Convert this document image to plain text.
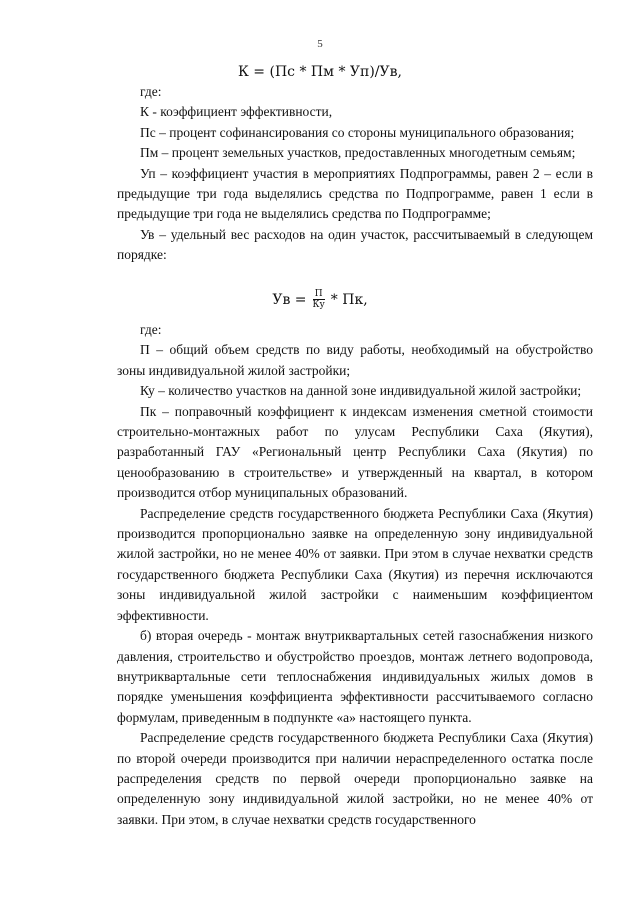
5
К = (Пс * Пм * Уп)/Ув,

где:

К - коэффициент эффективности,

Пс – процент софинансирования со стороны муниципального образования;

Пм – процент земельных участков, предоставленных многодетным семьям;

Уп – коэффициент участия в мероприятиях Подпрограммы, равен 2 – если в предыдущие три года выделялись средства по Подпрограмме, равен 1 если в предыдущие три года не выделялись средства по Подпрограмме;

Ув – удельный вес расходов на один участок, рассчитываемый в следующем порядке:

Ув = $\frac{П}{Ку}$ * Пк,

где:

П – общий объем средств по виду работы, необходимый на обустройство зоны индивидуальной жилой застройки;

Ку – количество участков на данной зоне индивидуальной жилой застройки;

Пк – поправочный коэффициент к индексам изменения сметной стоимости строительно-монтажных работ по улусам Республики Саха (Якутия), разработанный ГАУ «Региональный центр Республики Саха (Якутия) по ценообразованию в строительстве» и утвержденный на квартал, в котором производится отбор муниципальных образований.

Распределение средств государственного бюджета Республики Саха (Якутия) производится пропорционально заявке на определенную зону индивидуальной жилой застройки, но не менее 40% от заявки. При этом в случае нехватки средств государственного бюджета Республики Саха (Якутия) из перечня исключаются зоны индивидуальной жилой застройки с наименьшим коэффициентом эффективности.

б) вторая очередь - монтаж внутриквартальных сетей газоснабжения низкого давления, строительство и обустройство проездов, монтаж летнего водопровода, внутриквартальные сети теплоснабжения индивидуальных жилых домов в порядке уменьшения коэффициента эффективности рассчитываемого согласно формулам, приведенным в подпункте «а» настоящего пункта.

Распределение средств государственного бюджета Республики Саха (Якутия) по второй очереди производится при наличии нераспределенного остатка после распределения средств по первой очереди пропорционально заявке на определенную зону индивидуальной жилой застройки, но не менее 40% от заявки. При этом, в случае нехватки средств государственного
